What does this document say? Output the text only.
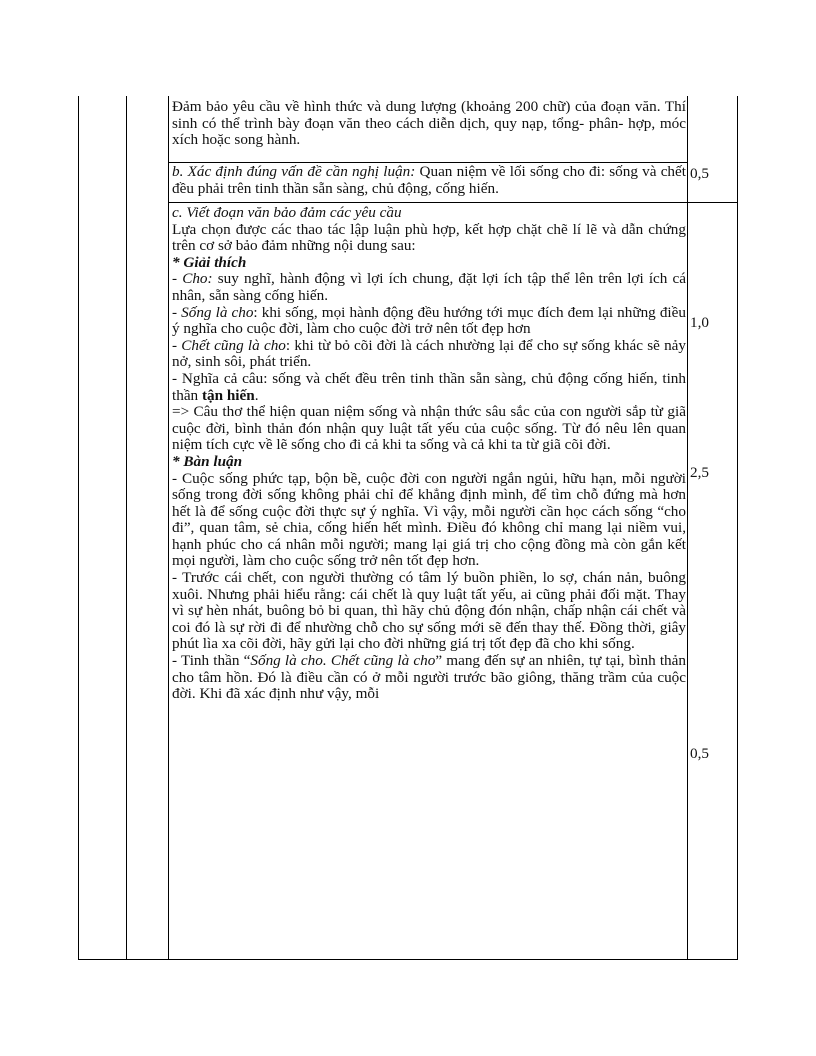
Đảm bảo yêu cầu về hình thức và dung lượng (khoảng 200 chữ) của đoạn văn. Thí sinh có thể trình bày đoạn văn theo cách diễn dịch, quy nạp, tổng- phân- hợp, móc xích hoặc song hành.

b. Xác định đúng vấn đề cần nghị luận: Quan niệm về lối sống cho đi: sống và chết đều phải trên tinh thần sẵn sàng, chủ động, cống hiến.

0,5

c. Viết đoạn văn bảo đảm các yêu cầu

Lựa chọn được các thao tác lập luận phù hợp, kết hợp chặt chẽ lí lẽ và dẫn chứng trên cơ sở bảo đảm những nội dung sau:

* Giải thích

- Cho: suy nghĩ, hành động vì lợi ích chung, đặt lợi ích tập thể lên trên lợi ích cá nhân, sẵn sàng cống hiến.

- Sống là cho: khi sống, mọi hành động đều hướng tới mục đích đem lại những điều ý nghĩa cho cuộc đời, làm cho cuộc đời trở nên tốt đẹp hơn

- Chết cũng là cho: khi từ bỏ cõi đời là cách nhường lại để cho sự sống khác sẽ nảy nở, sinh sôi, phát triển.

- Nghĩa cả câu: sống và chết đều trên tinh thần sẵn sàng, chủ động cống hiến, tinh thần tận hiến.

=> Câu thơ thể hiện quan niệm sống và nhận thức sâu sắc của con người sắp từ giã cuộc đời, bình thản đón nhận quy luật tất yếu của cuộc sống. Từ đó nêu lên quan niệm tích cực về lẽ sống cho đi cả khi ta sống và cả khi ta từ giã cõi đời.

* Bàn luận

- Cuộc sống phức tạp, bộn bề, cuộc đời con người ngắn ngủi, hữu hạn, mỗi người sống trong đời sống không phải chỉ để khẳng định mình, để tìm chỗ đứng mà hơn hết là để sống cuộc đời thực sự ý nghĩa. Vì vậy, mỗi người cần học cách sống “cho đi”, quan tâm, sẻ chia, cống hiến hết mình. Điều đó không chỉ mang lại niềm vui, hạnh phúc cho cá nhân mỗi người; mang lại giá trị cho cộng đồng mà còn gắn kết mọi người, làm cho cuộc sống trở nên tốt đẹp hơn.

- Trước cái chết, con người thường có tâm lý buồn phiền, lo sợ, chán nản, buông xuôi. Nhưng phải hiểu rằng: cái chết là quy luật tất yếu, ai cũng phải đối mặt. Thay vì sự hèn nhát, buông bỏ bi quan, thì hãy chủ động đón nhận, chấp nhận cái chết và coi đó là sự rời đi để nhường chỗ cho sự sống mới sẽ đến thay thế. Đồng thời, giây phút lìa xa cõi đời, hãy gửi lại cho đời những giá trị tốt đẹp đã cho khi sống.

- Tinh thần “Sống là cho. Chết cũng là cho” mang đến sự an nhiên, tự tại, bình thản cho tâm hồn. Đó là điều cần có ở mỗi người trước bão giông, thăng trầm của cuộc đời. Khi đã xác định như vậy, mỗi

1,0
2,5
0,5
